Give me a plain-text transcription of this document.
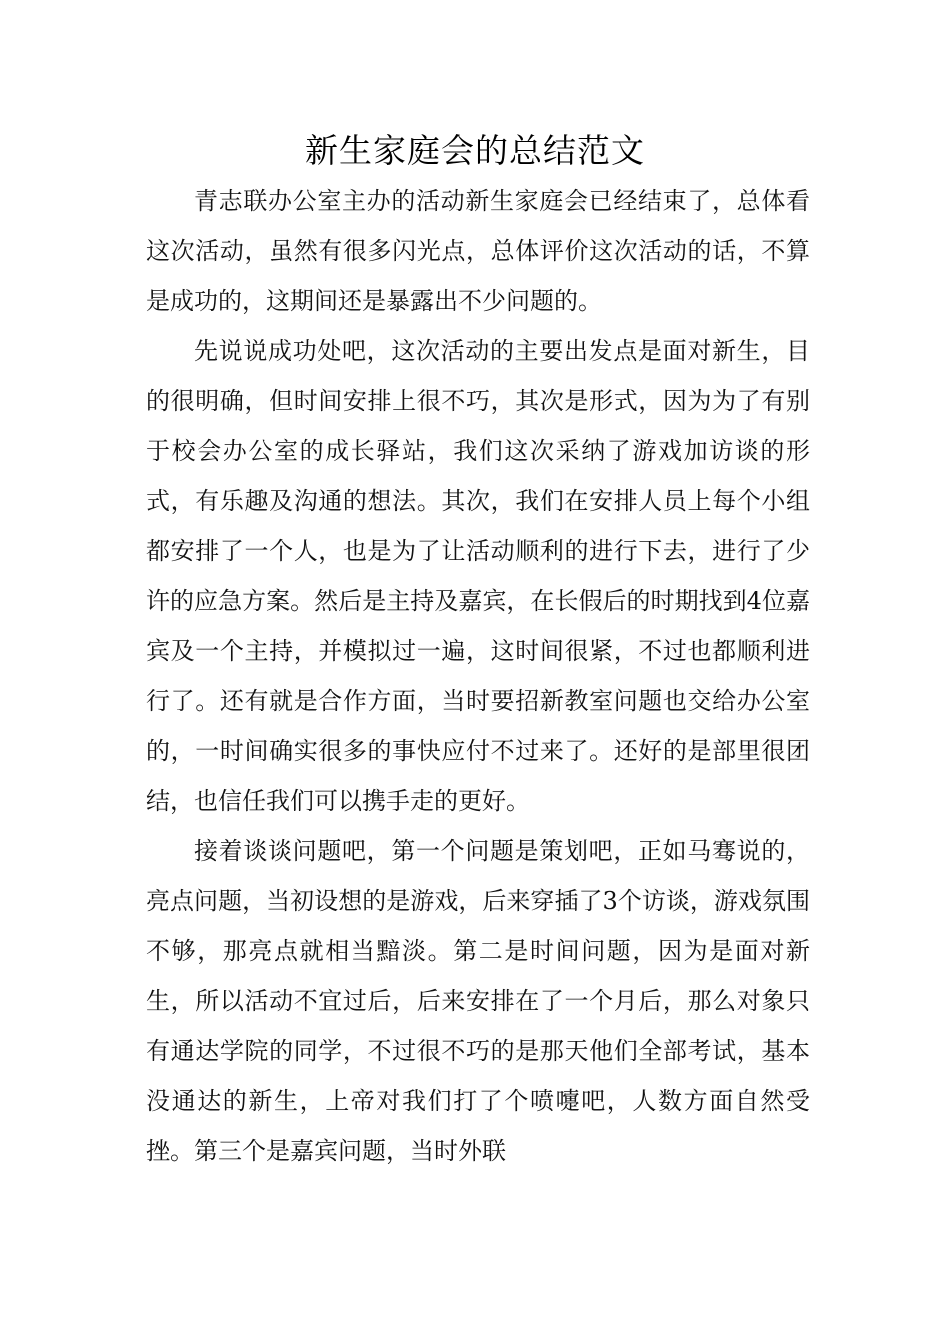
新生家庭会的总结范文

青志联办公室主办的活动新生家庭会已经结束了，总体看这次活动，虽然有很多闪光点，总体评价这次活动的话，不算是成功的，这期间还是暴露出不少问题的。

先说说成功处吧，这次活动的主要出发点是面对新生，目的很明确，但时间安排上很不巧，其次是形式，因为为了有别于校会办公室的成长驿站，我们这次采纳了游戏加访谈的形式，有乐趣及沟通的想法。其次，我们在安排人员上每个小组都安排了一个人，也是为了让活动顺利的进行下去，进行了少许的应急方案。然后是主持及嘉宾，在长假后的时期找到4位嘉宾及一个主持，并模拟过一遍，这时间很紧，不过也都顺利进行了。还有就是合作方面，当时要招新教室问题也交给办公室的，一时间确实很多的事快应付不过来了。还好的是部里很团结，也信任我们可以携手走的更好。

接着谈谈问题吧，第一个问题是策划吧，正如马骞说的，亮点问题，当初设想的是游戏，后来穿插了3个访谈，游戏氛围不够，那亮点就相当黯淡。第二是时间问题，因为是面对新生，所以活动不宜过后，后来安排在了一个月后，那么对象只有通达学院的同学，不过很不巧的是那天他们全部考试，基本没通达的新生，上帝对我们打了个喷嚏吧，人数方面自然受挫。第三个是嘉宾问题，当时外联
